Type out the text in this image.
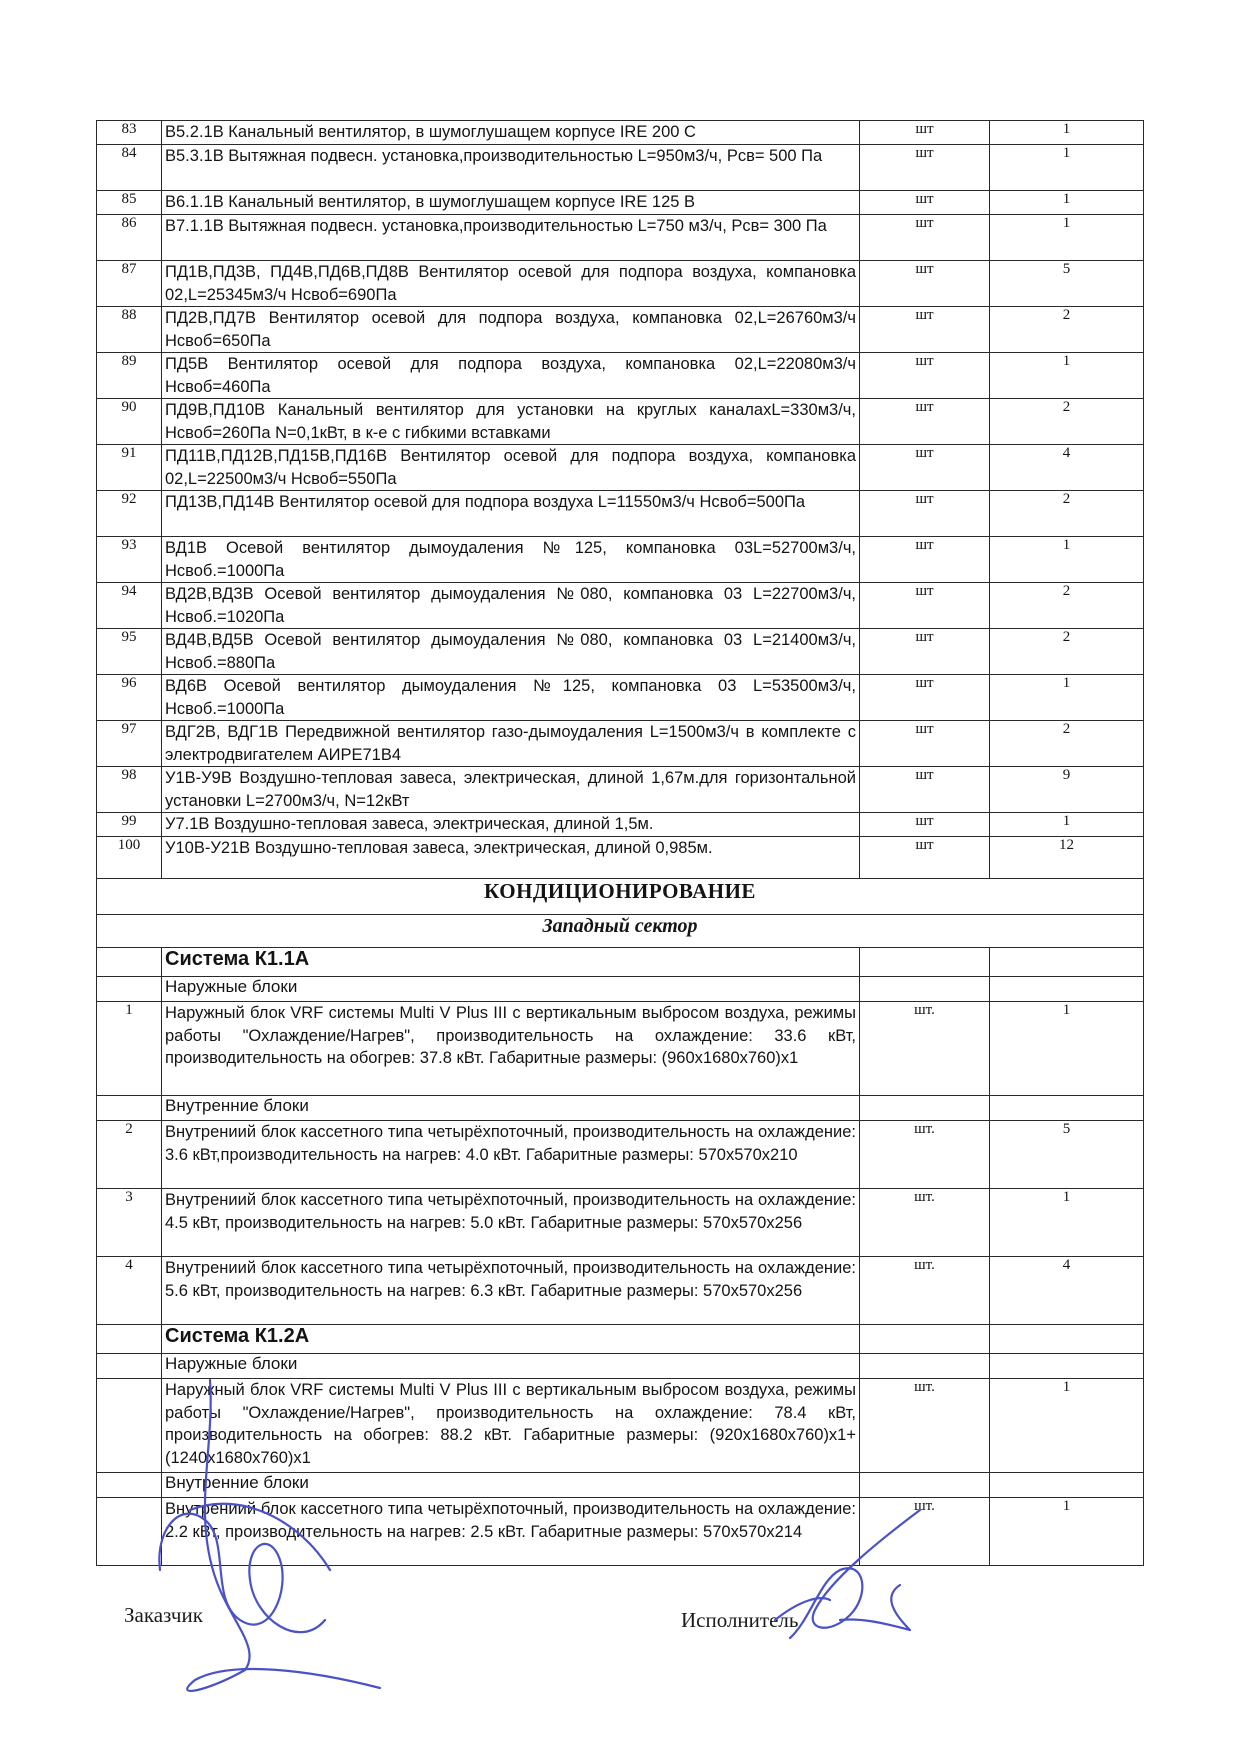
83	В5.2.1В Канальный вентилятор, в шумоглушащем корпусе IRE 200 C	шт	1
84	В5.3.1В Вытяжная подвесн. установка,производительностью L=950м3/ч, Рсв= 500 Па	шт	1
85	В6.1.1В Канальный вентилятор, в шумоглушащем корпусе IRE 125 B	шт	1
86	В7.1.1В Вытяжная подвесн. установка,производительностью L=750 м3/ч, Рсв= 300 Па	шт	1
87	ПД1В,ПД3В, ПД4В,ПД6В,ПД8В Вентилятор осевой для подпора воздуха, компановка 02,L=25345м3/ч Нсвоб=690Па	шт	5
88	ПД2В,ПД7В Вентилятор осевой для подпора воздуха, компановка 02,L=26760м3/ч Нсвоб=650Па	шт	2
89	ПД5В Вентилятор осевой для подпора воздуха, компановка 02,L=22080м3/ч Нсвоб=460Па	шт	1
90	ПД9В,ПД10В Канальный вентилятор для установки на круглых каналахL=330м3/ч, Нсвоб=260Па N=0,1кВт, в к-е с гибкими вставками	шт	2
91	ПД11В,ПД12В,ПД15В,ПД16В Вентилятор осевой для подпора воздуха, компановка 02,L=22500м3/ч Нсвоб=550Па	шт	4
92	ПД13В,ПД14В Вентилятор осевой для подпора воздуха L=11550м3/ч Нсвоб=500Па	шт	2
93	ВД1В Осевой вентилятор дымоудаления №125, компановка 03L=52700м3/ч, Нсвоб.=1000Па	шт	1
94	ВД2В,ВД3В Осевой вентилятор дымоудаления №080, компановка 03 L=22700м3/ч, Нсвоб.=1020Па	шт	2
95	ВД4В,ВД5В Осевой вентилятор дымоудаления №080, компановка 03 L=21400м3/ч, Нсвоб.=880Па	шт	2
96	ВД6В Осевой вентилятор дымоудаления №125, компановка 03 L=53500м3/ч, Нсвоб.=1000Па	шт	1
97	ВДГ2В, ВДГ1В Передвижной вентилятор газо-дымоудаления L=1500м3/ч в комплекте с электродвигателем АИРЕ71В4	шт	2
98	У1В-У9В Воздушно-тепловая завеса, электрическая, длиной 1,67м.для горизонтальной установки L=2700м3/ч, N=12кВт	шт	9
99	У7.1В Воздушно-тепловая завеса, электрическая, длиной 1,5м.	шт	1
100	У10В-У21В Воздушно-тепловая завеса, электрическая, длиной 0,985м.	шт	12
КОНДИЦИОНИРОВАНИЕ			
Западный сектор			
	Система К1.1А		
	Наружные блоки		
1	Наружный блок VRF системы Multi V Plus III с вертикальным выбросом воздуха, режимы работы "Охлаждение/Нагрев", производительность на охлаждение: 33.6 кВт, производительность на обогрев: 37.8 кВт. Габаритные размеры: (960х1680х760)х1	шт.	1
	Внутренние блоки		
2	Внутрениий блок кассетного типа четырёхпоточный, производительность на охлаждение: 3.6 кВт,производительность на нагрев: 4.0 кВт. Габаритные размеры: 570х570х210	шт.	5
3	Внутрениий блок кассетного типа четырёхпоточный, производительность на охлаждение: 4.5 кВт, производительность на нагрев: 5.0 кВт. Габаритные размеры: 570х570х256	шт.	1
4	Внутрениий блок кассетного типа четырёхпоточный, производительность на охлаждение: 5.6 кВт, производительность на нагрев: 6.3 кВт. Габаритные размеры: 570х570х256	шт.	4
	Система К1.2А		
	Наружные блоки		
	Наружный блок VRF системы Multi V Plus III с вертикальным выбросом воздуха, режимы работы "Охлаждение/Нагрев", производительность на охлаждение: 78.4 кВт, производительность на обогрев: 88.2 кВт. Габаритные размеры: (920х1680х760)х1+(1240х1680х760)х1	шт.	1
	Внутренние блоки		
	Внутрениий блок кассетного типа четырёхпоточный, производительность на охлаждение: 2.2 кВт, производительность на нагрев: 2.5 кВт. Габаритные размеры: 570х570х214	шт.	1
Заказчик	Исполнитель
